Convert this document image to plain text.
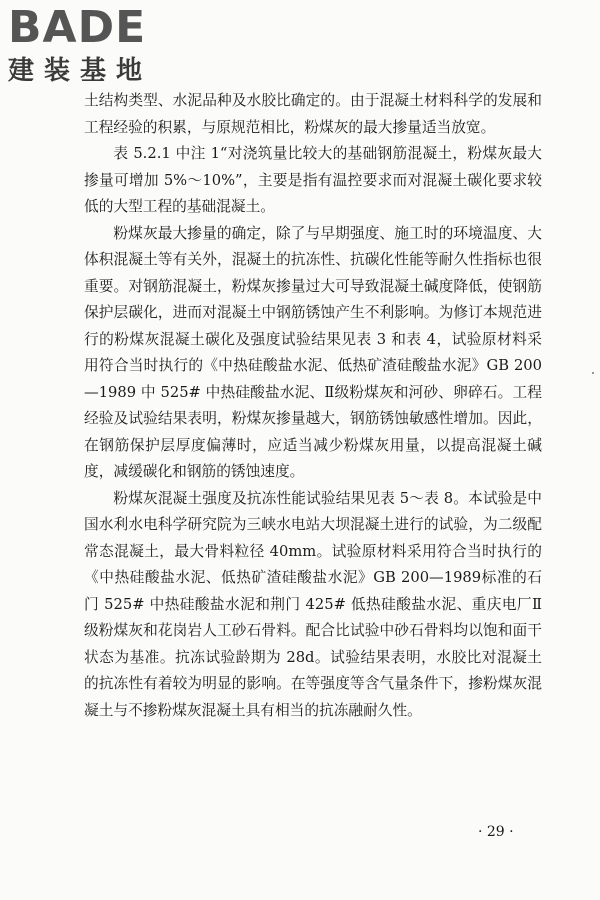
BADE
建装基地

土结构类型、水泥品种及水胶比确定的。由于混凝土材料科学的发展和工程经验的积累，与原规范相比，粉煤灰的最大掺量适当放宽。

表 5.2.1 中注 1“对浇筑量比较大的基础钢筋混凝土，粉煤灰最大掺量可增加 5%～10%”，主要是指有温控要求而对混凝土碳化要求较低的大型工程的基础混凝土。

粉煤灰最大掺量的确定，除了与早期强度、施工时的环境温度、大体积混凝土等有关外，混凝土的抗冻性、抗碳化性能等耐久性指标也很重要。对钢筋混凝土，粉煤灰掺量过大可导致混凝土碱度降低，使钢筋保护层碳化，进而对混凝土中钢筋锈蚀产生不利影响。为修订本规范进行的粉煤灰混凝土碳化及强度试验结果见表 3 和表 4，试验原材料采用符合当时执行的《中热硅酸盐水泥、低热矿渣硅酸盐水泥》GB 200—1989 中 525# 中热硅酸盐水泥、Ⅱ级粉煤灰和河砂、卵碎石。工程经验及试验结果表明，粉煤灰掺量越大，钢筋锈蚀敏感性增加。因此，在钢筋保护层厚度偏薄时，应适当减少粉煤灰用量，以提高混凝土碱度，减缓碳化和钢筋的锈蚀速度。

粉煤灰混凝土强度及抗冻性能试验结果见表 5～表 8。本试验是中国水利水电科学研究院为三峡水电站大坝混凝土进行的试验，为二级配常态混凝土，最大骨料粒径 40mm。试验原材料采用符合当时执行的《中热硅酸盐水泥、低热矿渣硅酸盐水泥》GB 200—1989标准的石门 525# 中热硅酸盐水泥和荆门 425# 低热硅酸盐水泥、重庆电厂Ⅱ级粉煤灰和花岗岩人工砂石骨料。配合比试验中砂石骨料均以饱和面干状态为基准。抗冻试验龄期为 28d。试验结果表明，水胶比对混凝土的抗冻性有着较为明显的影响。在等强度等含气量条件下，掺粉煤灰混凝土与不掺粉煤灰混凝土具有相当的抗冻融耐久性。

· 29 ·
